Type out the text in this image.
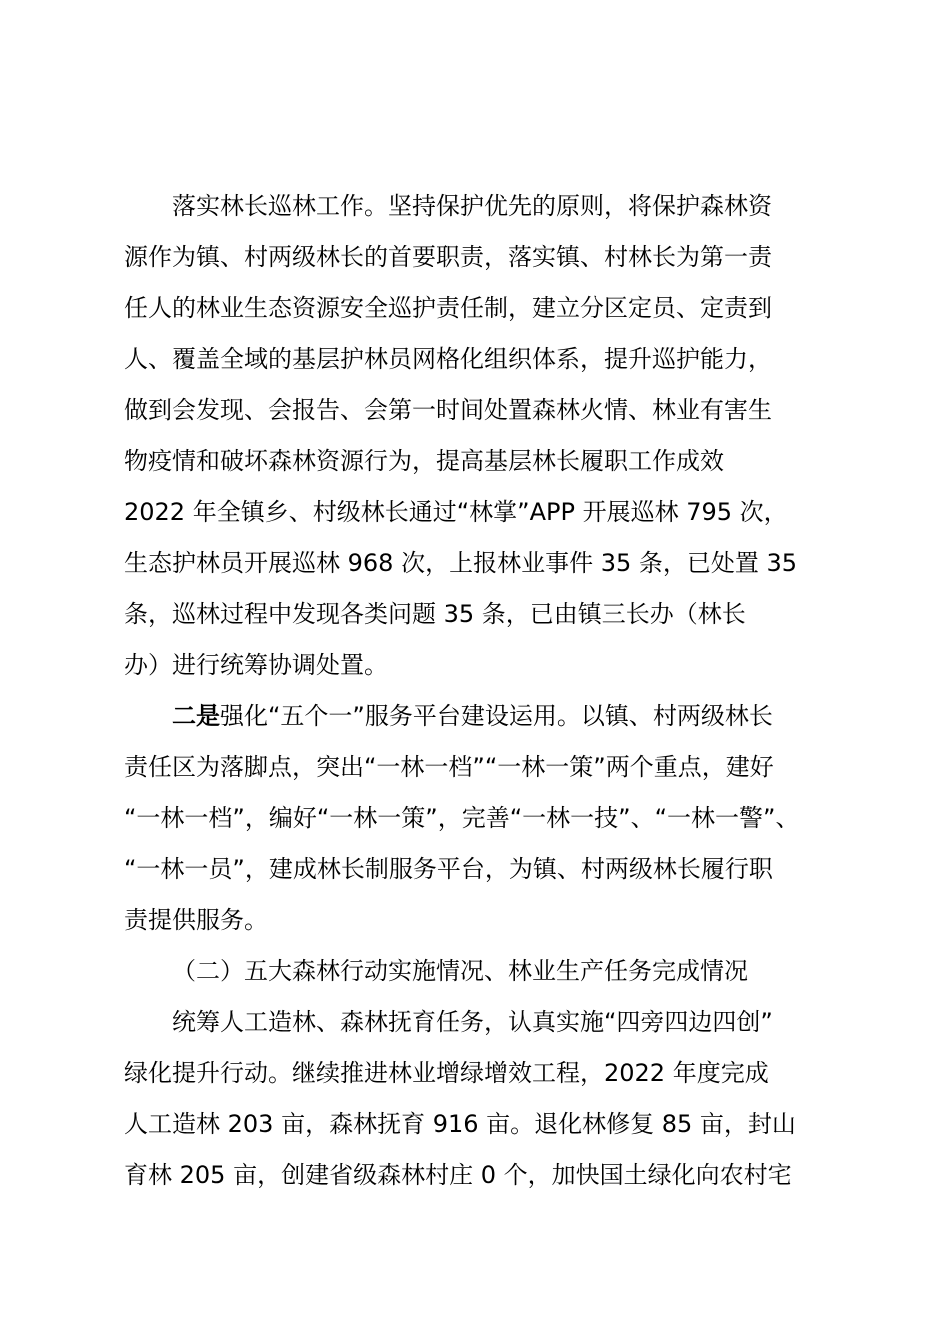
落实林长巡林工作。坚持保护优先的原则，将保护森林资
源作为镇、村两级林长的首要职责，落实镇、村林长为第一责
任人的林业生态资源安全巡护责任制，建立分区定员、定责到
人、覆盖全域的基层护林员网格化组织体系，提升巡护能力，
做到会发现、会报告、会第一时间处置森林火情、林业有害生
物疫情和破坏森林资源行为，提高基层林长履职工作成效
2022 年全镇乡、村级林长通过“林掌”APP 开展巡林 795 次，
生态护林员开展巡林 968 次，上报林业事件 35 条，已处置 35
条，巡林过程中发现各类问题 35 条，已由镇三长办（林长
办）进行统筹协调处置。
二是强化“五个一”服务平台建设运用。以镇、村两级林长
责任区为落脚点，突出“一林一档”“一林一策”两个重点，建好
“一林一档”，编好“一林一策”，完善“一林一技”、“一林一警”、
“一林一员”，建成林长制服务平台，为镇、村两级林长履行职
责提供服务。
（二）五大森林行动实施情况、林业生产任务完成情况
统筹人工造林、森林抚育任务，认真实施“四旁四边四创”
绿化提升行动。继续推进林业增绿增效工程，2022 年度完成
人工造林 203 亩，森林抚育 916 亩。退化林修复 85 亩，封山
育林 205 亩，创建省级森林村庄 0 个，加快国土绿化向农村宅
